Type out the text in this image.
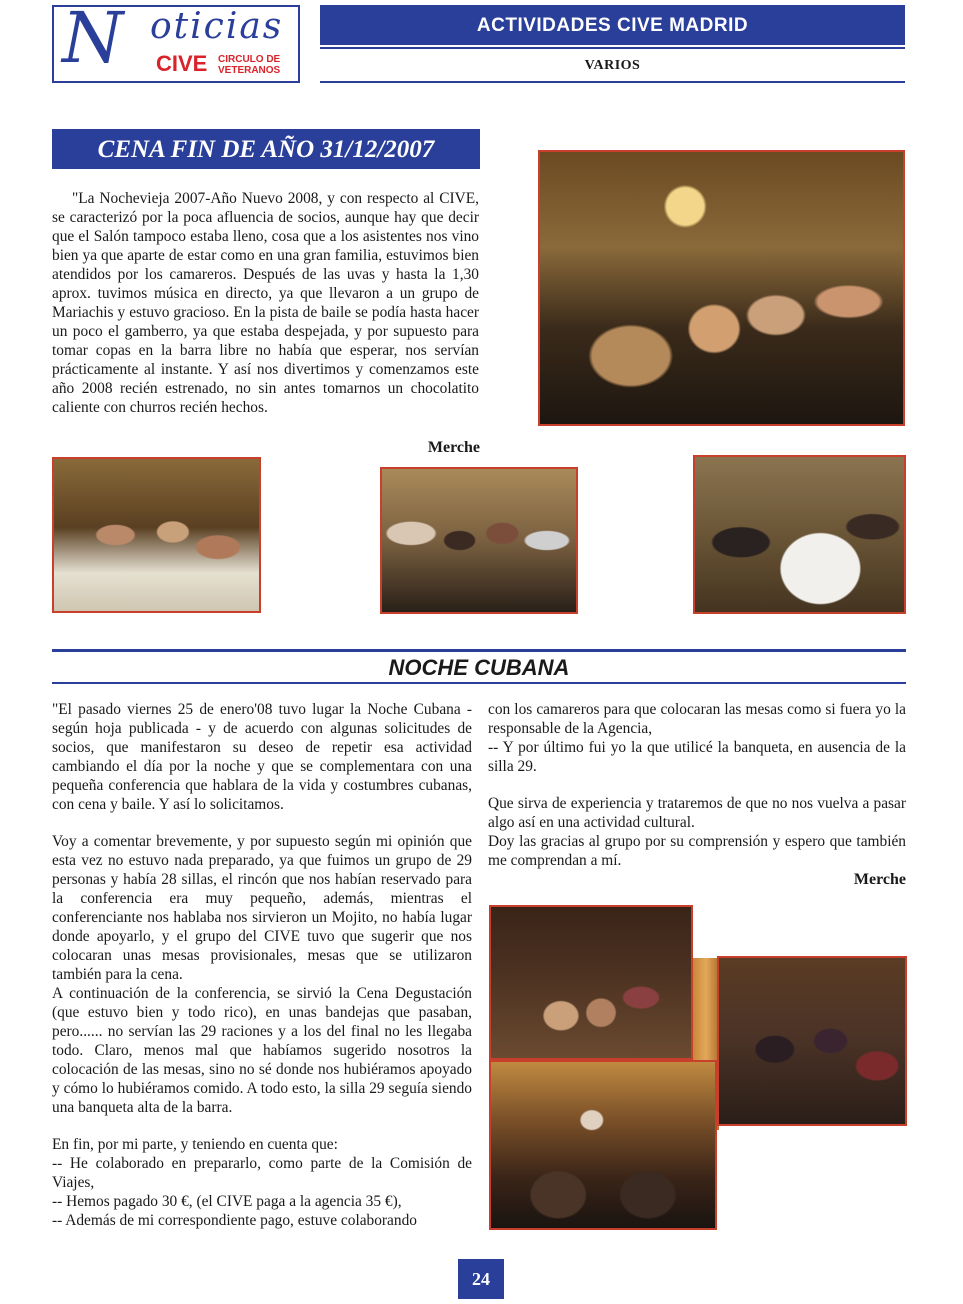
N oticias
CIVE CIRCULO DE
VETERANOS
ACTIVIDADES CIVE MADRID
VARIOS
CENA FIN DE AÑO 31/12/2007

"La Nochevieja 2007-Año Nuevo 2008, y con respecto al CIVE, se caracterizó por la poca afluencia de socios, aunque hay que decir que el Salón tampoco estaba lleno, cosa que a los asistentes nos vino bien ya que aparte de estar como en una gran familia, estuvimos bien atendidos por los camareros. Después de las uvas y hasta la 1,30 aprox. tuvimos música en directo, ya que llevaron a un grupo de Mariachis y estuvo gracioso. En la pista de baile se podía hasta hacer un poco el gamberro, ya que estaba despejada, y por supuesto para tomar copas en la barra libre no había que esperar, nos servían prácticamente al instante. Y así nos divertimos y comenzamos este año 2008 recién estrenado, no sin antes tomarnos un chocolatito caliente con churros recién hechos.

Merche
NOCHE CUBANA

"El pasado viernes 25 de enero'08 tuvo lugar la Noche Cubana - según hoja publicada - y de acuerdo con algunas solicitudes de socios, que manifestaron su deseo de repetir esa actividad cambiando el día por la noche y que se complementara con una pequeña conferencia que hablara de la vida y costumbres cubanas, con cena y baile. Y así lo solicitamos.

Voy a comentar brevemente, y por supuesto según mi opinión que esta vez no estuvo nada preparado, ya que fuimos un grupo de 29 personas y había 28 sillas, el rincón que nos habían reservado para la conferencia era muy pequeño, además, mientras el conferenciante nos hablaba nos sirvieron un Mojito, no había lugar donde apoyarlo, y el grupo del CIVE tuvo que sugerir que nos colocaran unas mesas provisionales, mesas que se utilizaron también para la cena.

A continuación de la conferencia, se sirvió la Cena Degustación (que estuvo bien y todo rico), en unas bandejas que pasaban, pero...... no servían las 29 raciones y a los del final no les llegaba todo. Claro, menos mal que habíamos sugerido nosotros la colocación de las mesas, sino no sé donde nos hubiéramos apoyado y cómo lo hubiéramos comido. A todo esto, la silla 29 seguía siendo una banqueta alta de la barra.

En fin, por mi parte, y teniendo en cuenta que:

-- He colaborado en prepararlo, como parte de la Comisión de Viajes,

-- Hemos pagado 30 €, (el CIVE paga a la agencia 35 €),

-- Además de mi correspondiente pago, estuve colaborando

con los camareros para que colocaran las mesas como si fuera yo la responsable de la Agencia,

-- Y por último fui yo la que utilicé la banqueta, en ausencia de la silla 29.

Que sirva de experiencia y trataremos de que no nos vuelva a pasar algo así en una actividad cultural.

Doy las gracias al grupo por su comprensión y espero que también me comprendan a mí.

Merche
24
